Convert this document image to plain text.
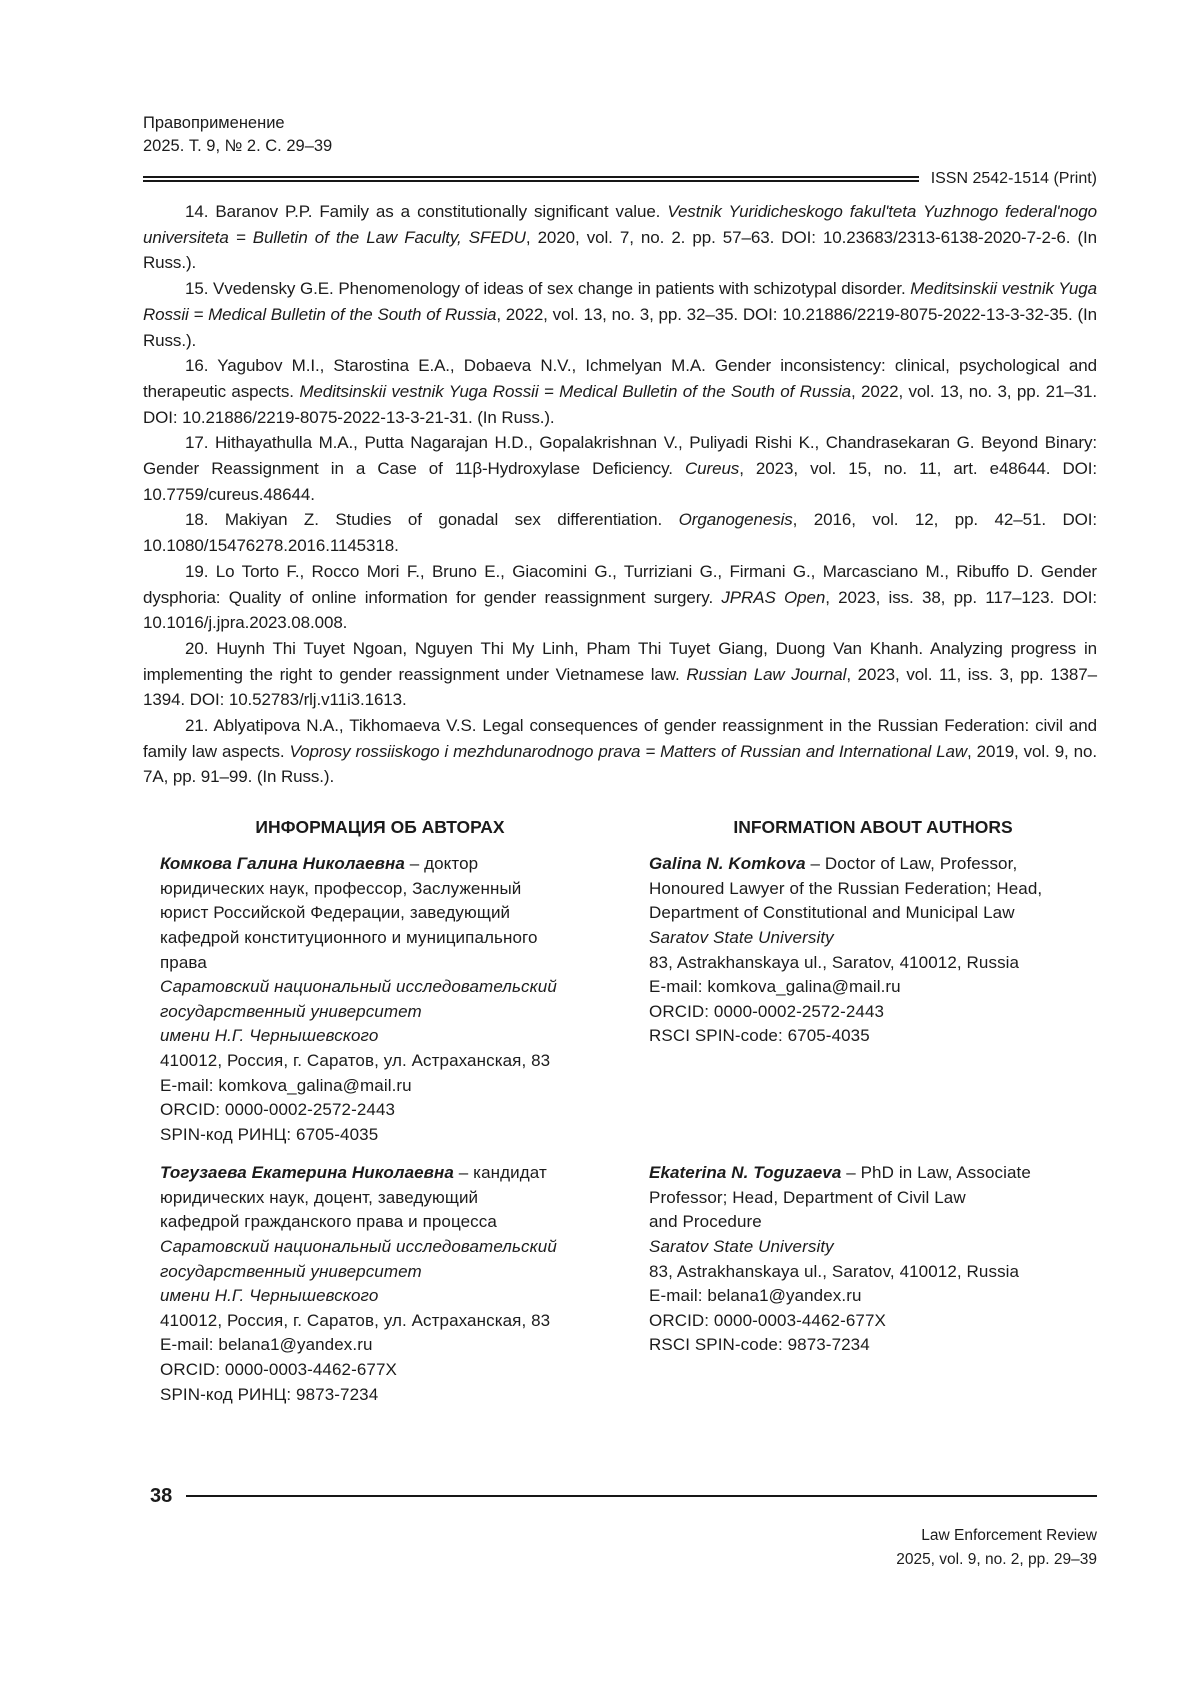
Правоприменение
2025. Т. 9, № 2. С. 29–39
ISSN 2542-1514 (Print)

14. Baranov P.P. Family as a constitutionally significant value. Vestnik Yuridicheskogo fakul'teta Yuzhnogo federal'nogo universiteta = Bulletin of the Law Faculty, SFEDU, 2020, vol. 7, no. 2. pp. 57–63. DOI: 10.23683/2313-6138-2020-7-2-6. (In Russ.).

15. Vvedensky G.E. Phenomenology of ideas of sex change in patients with schizotypal disorder. Meditsinskii vestnik Yuga Rossii = Medical Bulletin of the South of Russia, 2022, vol. 13, no. 3, pp. 32–35. DOI: 10.21886/2219-8075-2022-13-3-32-35. (In Russ.).

16. Yagubov M.I., Starostina E.A., Dobaeva N.V., Ichmelyan M.A. Gender inconsistency: clinical, psychological and therapeutic aspects. Meditsinskii vestnik Yuga Rossii = Medical Bulletin of the South of Russia, 2022, vol. 13, no. 3, pp. 21–31. DOI: 10.21886/2219-8075-2022-13-3-21-31. (In Russ.).

17. Hithayathulla M.A., Putta Nagarajan H.D., Gopalakrishnan V., Puliyadi Rishi K., Chandrasekaran G. Beyond Binary: Gender Reassignment in a Case of 11β-Hydroxylase Deficiency. Cureus, 2023, vol. 15, no. 11, art. e48644. DOI: 10.7759/cureus.48644.

18. Makiyan Z. Studies of gonadal sex differentiation. Organogenesis, 2016, vol. 12, pp. 42–51. DOI: 10.1080/15476278.2016.1145318.

19. Lo Torto F., Rocco Mori F., Bruno E., Giacomini G., Turriziani G., Firmani G., Marcasciano M., Ribuffo D. Gender dysphoria: Quality of online information for gender reassignment surgery. JPRAS Open, 2023, iss. 38, pp. 117–123. DOI: 10.1016/j.jpra.2023.08.008.

20. Huynh Thi Tuyet Ngoan, Nguyen Thi My Linh, Pham Thi Tuyet Giang, Duong Van Khanh. Analyzing progress in implementing the right to gender reassignment under Vietnamese law. Russian Law Journal, 2023, vol. 11, iss. 3, pp. 1387–1394. DOI: 10.52783/rlj.v11i3.1613.

21. Ablyatipova N.A., Tikhomaeva V.S. Legal consequences of gender reassignment in the Russian Federation: civil and family law aspects. Voprosy rossiiskogo i mezhdunarodnogo prava = Matters of Russian and International Law, 2019, vol. 9, no. 7A, pp. 91–99. (In Russ.).

ИНФОРМАЦИЯ ОБ АВТОРАХ	INFORMATION ABOUT AUTHORS
Комкова Галина Николаевна – доктор
юридических наук, профессор, Заслуженный
юрист Российской Федерации, заведующий
кафедрой конституционного и муниципального
права
Саратовский национальный исследовательский
государственный университет
имени Н.Г. Чернышевского
410012, Россия, г. Саратов, ул. Астраханская, 83
E-mail: komkova_galina@mail.ru
ORCID: 0000-0002-2572-2443
SPIN-код РИНЦ: 6705-4035
Galina N. Komkova – Doctor of Law, Professor,
Honoured Lawyer of the Russian Federation; Head,
Department of Constitutional and Municipal Law
Saratov State University
83, Astrakhanskaya ul., Saratov, 410012, Russia
E-mail: komkova_galina@mail.ru
ORCID: 0000-0002-2572-2443
RSCI SPIN-code: 6705-4035
Тогузаева Екатерина Николаевна – кандидат
юридических наук, доцент, заведующий
кафедрой гражданского права и процесса
Саратовский национальный исследовательский
государственный университет
имени Н.Г. Чернышевского
410012, Россия, г. Саратов, ул. Астраханская, 83
E-mail: belana1@yandex.ru
ORCID: 0000-0003-4462-677X
SPIN-код РИНЦ: 9873-7234
Ekaterina N. Toguzaeva – PhD in Law, Associate
Professor; Head, Department of Civil Law
and Procedure
Saratov State University
83, Astrakhanskaya ul., Saratov, 410012, Russia
E-mail: belana1@yandex.ru
ORCID: 0000-0003-4462-677X
RSCI SPIN-code: 9873-7234
38
Law Enforcement Review
2025, vol. 9, no. 2, pp. 29–39
